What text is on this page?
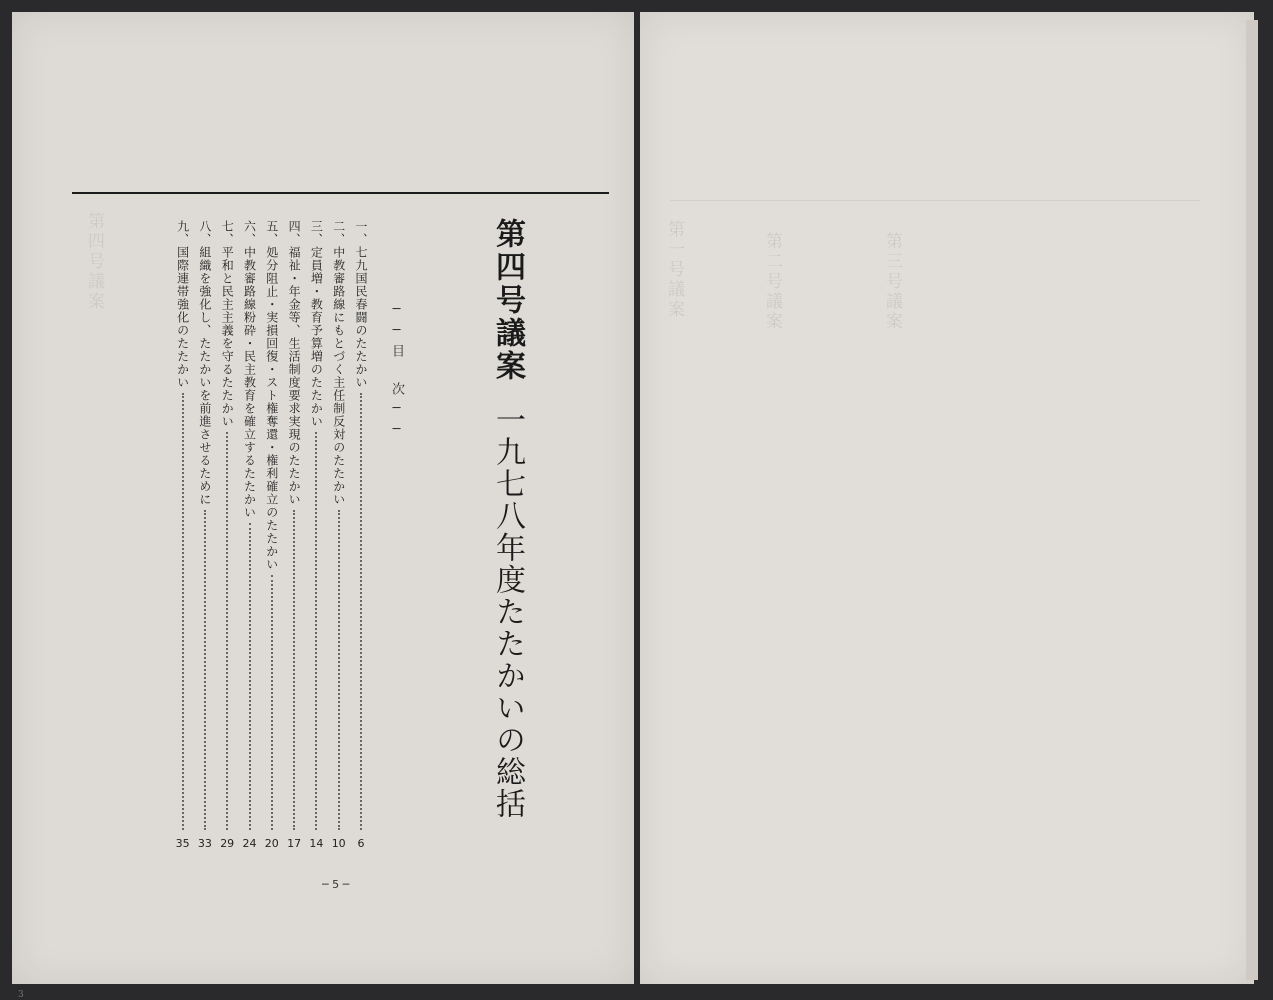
第四号議案
一九七八年度たたかいの総括
──目　次──
一、七九国民春闘のたたかい
6
二、中教審路線にもとづく主任制反対のたたかい
10
三、定員増・教育予算増のたたかい
14
四、福祉・年金等、生活制度要求実現のたたかい
17
五、処分阻止・実損回復・スト権奪還・権利確立のたたかい
20
六、中教審路線粉砕・民主教育を確立するたたかい
24
七、平和と民主主義を守るたたかい
29
八、組織を強化し、たたかいを前進させるために
33
九、国際連帯強化のたたかい
35
─ 5 ─
3
第四号議案	第三号議案
第二号議案
第一号議案
